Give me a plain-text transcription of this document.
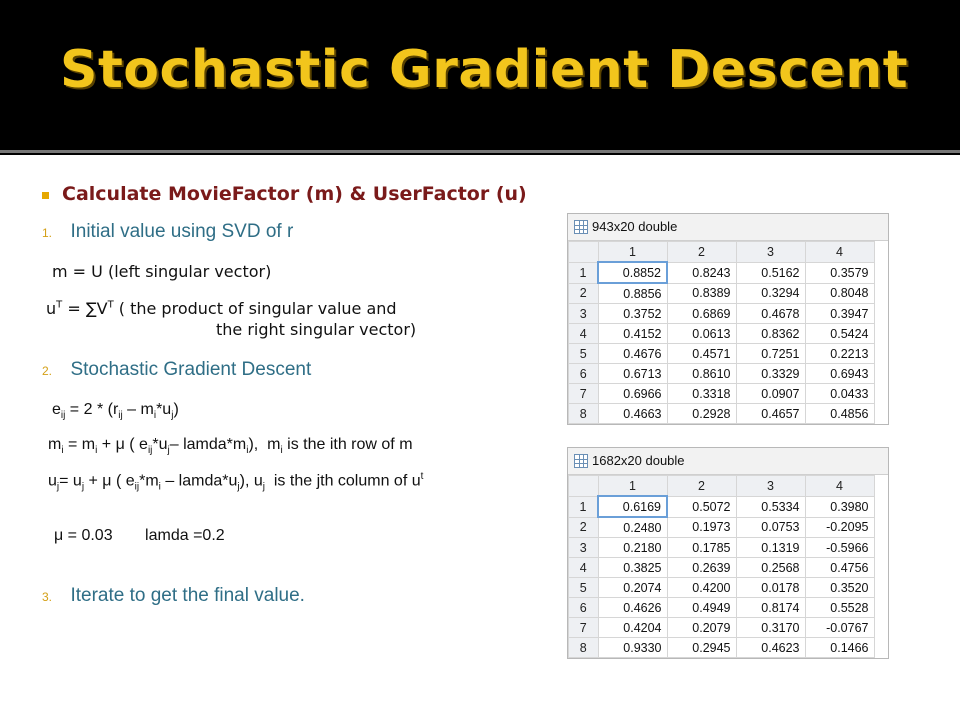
Stochastic Gradient Descent
Calculate MovieFactor (m) & UserFactor (u)
1. Initial value using SVD of r
m = U (left singular vector)
$u^T = \sum V^T$ ( the product of singular value and
the right singular vector)
2. Stochastic Gradient Descent
$e_{ij} = 2 * (r_{ij} - m_i*u_j)$
$m_i = m_i + \mu$ ( $e_{ij}*u_j-$ $lamda*m_i$),  $m_i$ is the ith row of m
$u_j= u_j + \mu$ ( $e_{ij}*m_i$ – $lamda*u_j$), $u_j$  is the jth column of $u^t$
μ = 0.03 lamda =0.2
3. Iterate to get the final value.
943x20 double
	1	2	3	4
1	0.8852	0.8243	0.5162	0.3579
2	0.8856	0.8389	0.3294	0.8048
3	0.3752	0.6869	0.4678	0.3947
4	0.4152	0.0613	0.8362	0.5424
5	0.4676	0.4571	0.7251	0.2213
6	0.6713	0.8610	0.3329	0.6943
7	0.6966	0.3318	0.0907	0.0433
8	0.4663	0.2928	0.4657	0.4856
1682x20 double
	1	2	3	4
1	0.6169	0.5072	0.5334	0.3980
2	0.2480	0.1973	0.0753	-0.2095
3	0.2180	0.1785	0.1319	-0.5966
4	0.3825	0.2639	0.2568	0.4756
5	0.2074	0.4200	0.0178	0.3520
6	0.4626	0.4949	0.8174	0.5528
7	0.4204	0.2079	0.3170	-0.0767
8	0.9330	0.2945	0.4623	0.1466
